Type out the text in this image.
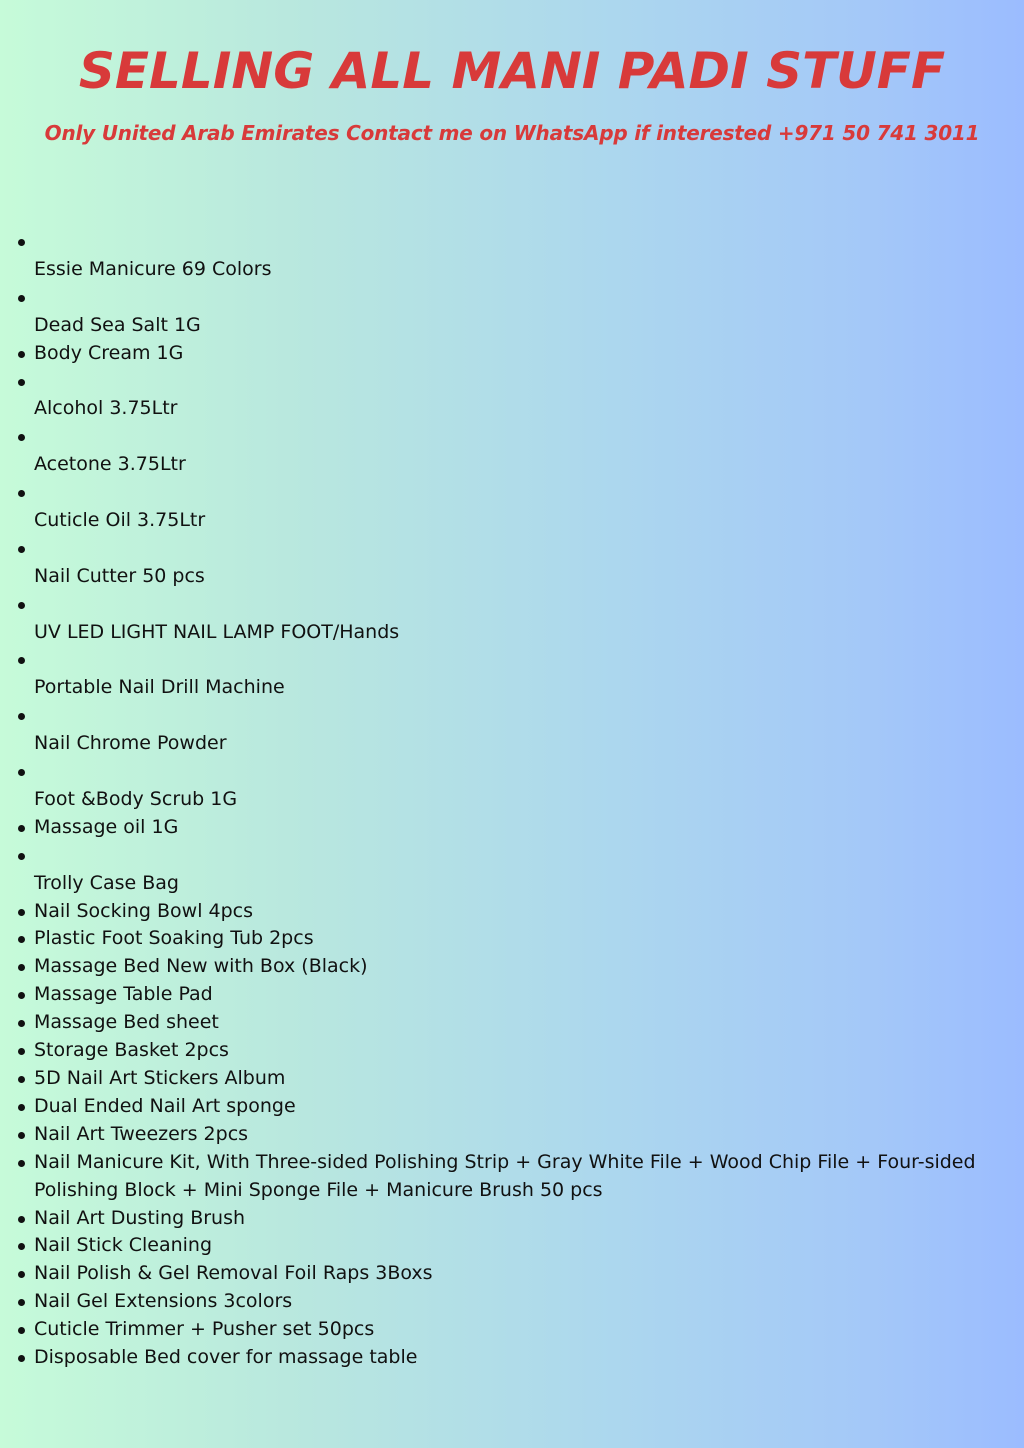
SELLING ALL MANI PADI STUFF

Only United Arab Emirates Contact me on WhatsApp if interested +971 50 741 3011

Essie Manicure 69 Colors
Dead Sea Salt 1G
Body Cream 1G
Alcohol 3.75Ltr
Acetone 3.75Ltr
Cuticle Oil 3.75Ltr
Nail Cutter 50 pcs
UV LED LIGHT NAIL LAMP FOOT/Hands
Portable Nail Drill Machine
Nail Chrome Powder
Foot &Body Scrub 1G
Massage oil 1G
Trolly Case Bag
Nail Socking Bowl 4pcs
Plastic Foot Soaking Tub 2pcs
Massage Bed New with Box (Black)
Massage Table Pad
Massage Bed sheet
Storage Basket 2pcs
5D Nail Art Stickers Album
Dual Ended Nail Art sponge
Nail Art Tweezers 2pcs
Nail Manicure Kit, With Three-sided Polishing Strip + Gray White File + Wood Chip File + Four-sided Polishing Block + Mini Sponge File + Manicure Brush 50 pcs
Nail Art Dusting Brush
Nail Stick Cleaning
Nail Polish & Gel Removal Foil Raps 3Boxs
Nail Gel Extensions 3colors
Cuticle Trimmer + Pusher set 50pcs
Disposable Bed cover for massage table
